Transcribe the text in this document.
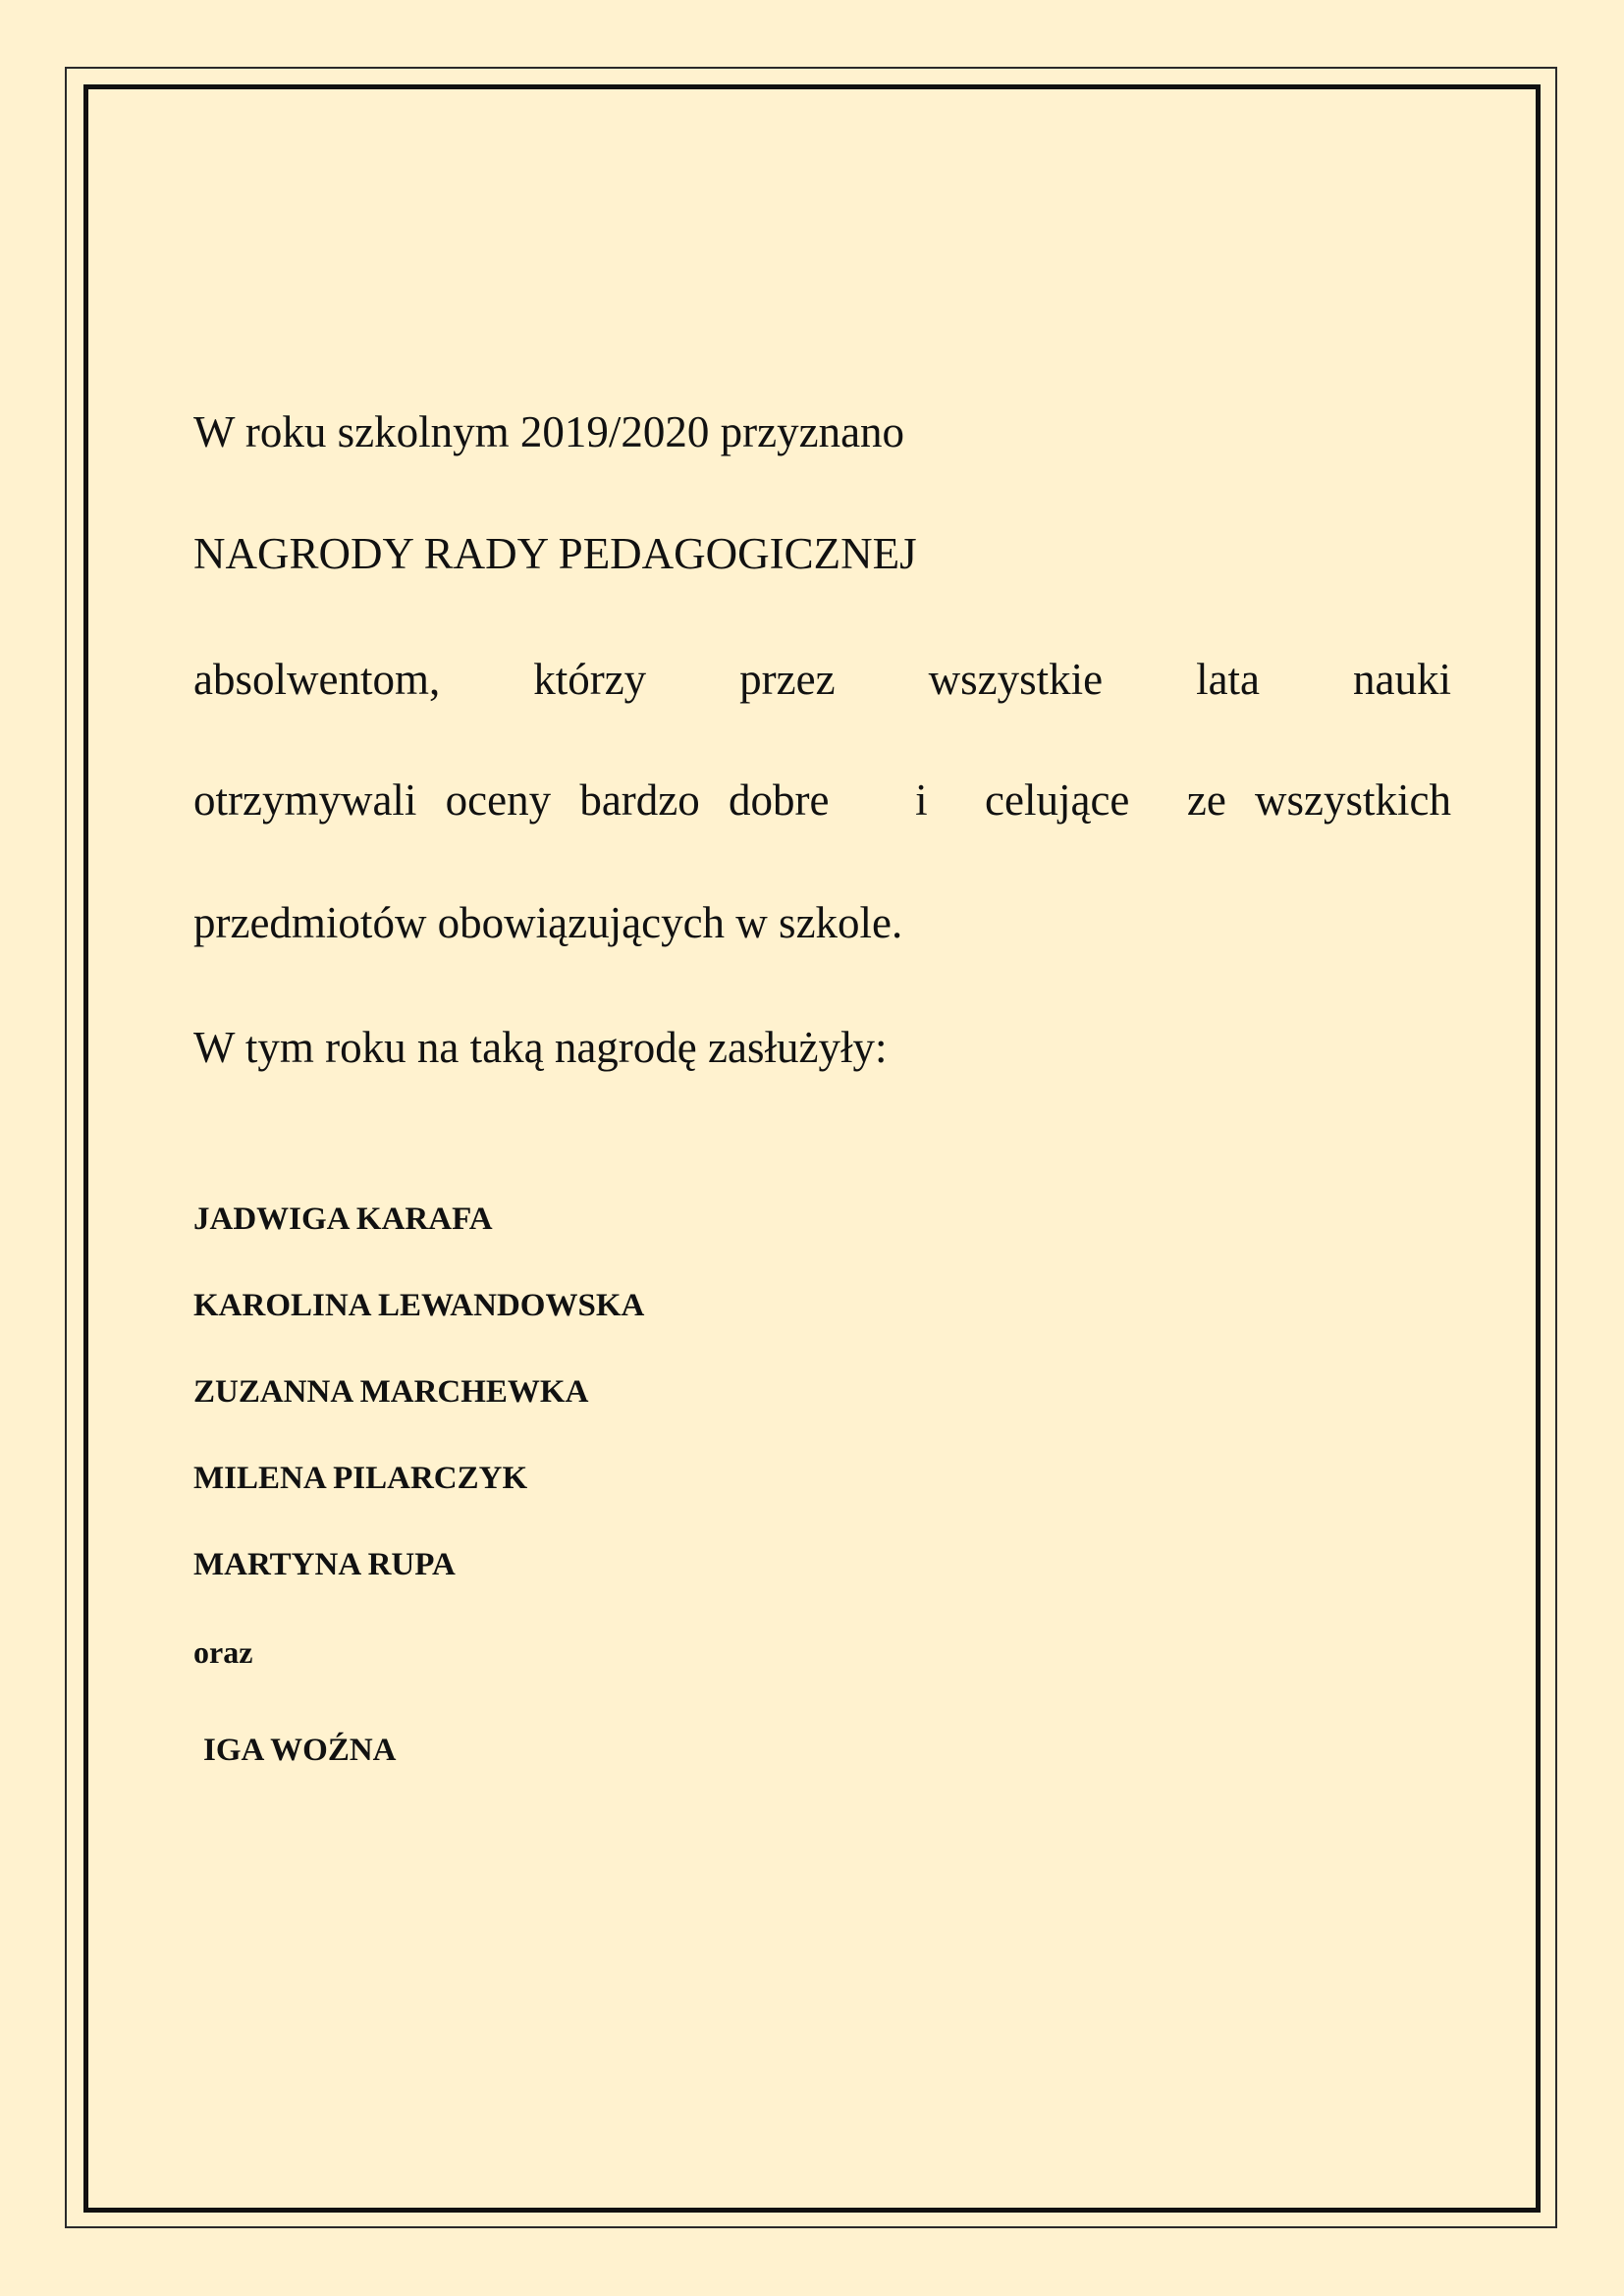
W roku szkolnym 2019/2020 przyznano
NAGRODY RADY PEDAGOGICZNEJ
absolwentom, którzy przez wszystkie lata nauki
otrzymywali oceny bardzo dobre   i  celujące  ze wszystkich
przedmiotów obowiązujących w szkole.
W tym roku na taką nagrodę zasłużyły:
JADWIGA KARAFA
KAROLINA LEWANDOWSKA
ZUZANNA MARCHEWKA
MILENA PILARCZYK
MARTYNA RUPA
oraz
IGA WOŹNA
